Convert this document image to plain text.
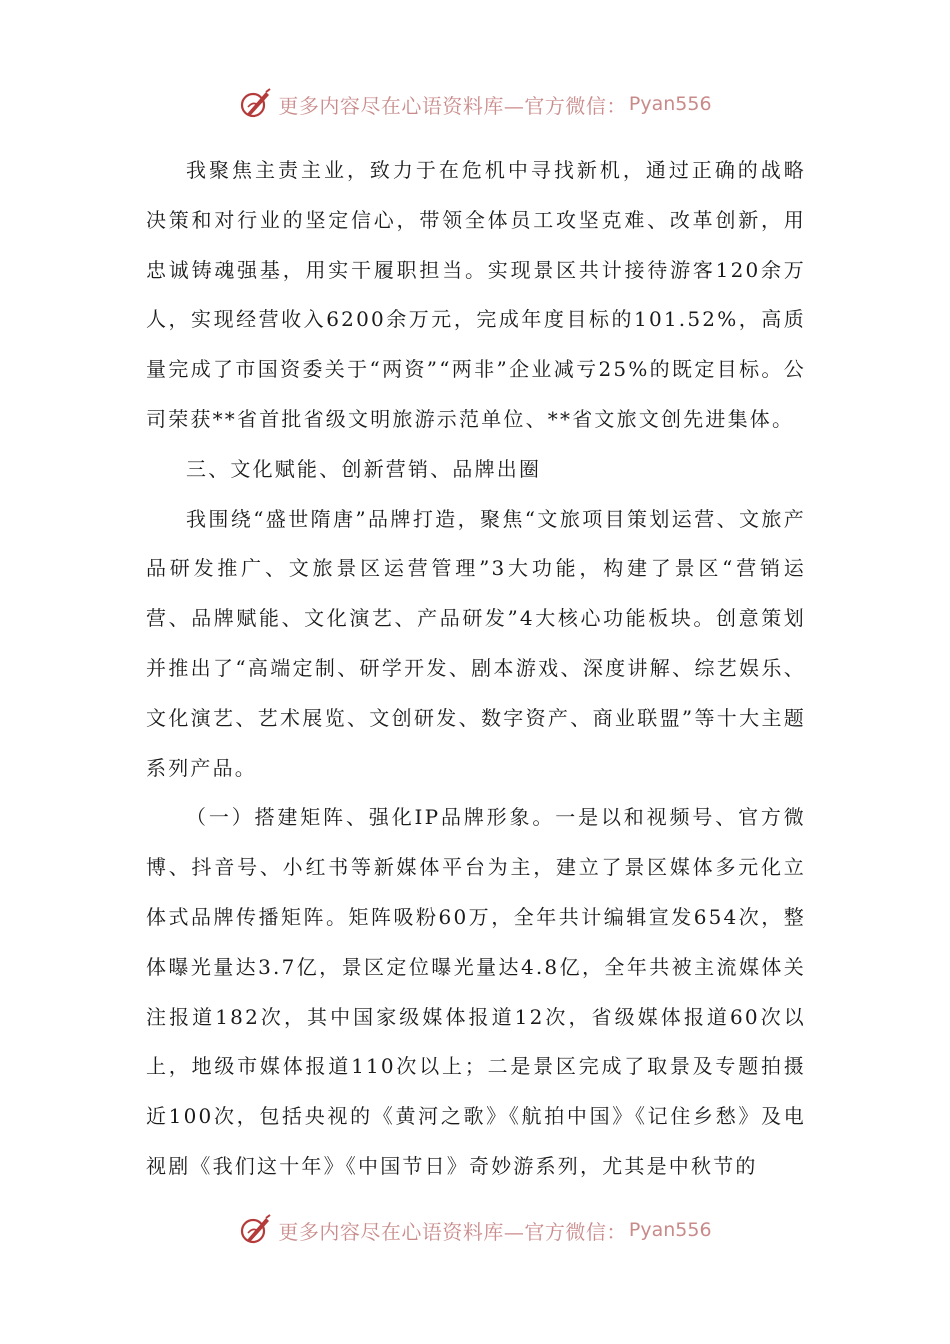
更多内容尽在心语资料库—官方微信： Pyan556

我聚焦主责主业，致力于在危机中寻找新机，通过正确的战略决策和对行业的坚定信心，带领全体员工攻坚克难、改革创新，用忠诚铸魂强基，用实干履职担当。实现景区共计接待游客120余万人，实现经营收入6200余万元，完成年度目标的101.52%，高质量完成了市国资委关于“两资”“两非”企业减亏25%的既定目标。公司荣获**省首批省级文明旅游示范单位、**省文旅文创先进集体。

三、文化赋能、创新营销、品牌出圈

我围绕“盛世隋唐”品牌打造，聚焦“文旅项目策划运营、文旅产品研发推广、文旅景区运营管理”3大功能，构建了景区“营销运营、品牌赋能、文化演艺、产品研发”4大核心功能板块。创意策划并推出了“高端定制、研学开发、剧本游戏、深度讲解、综艺娱乐、文化演艺、艺术展览、文创研发、数字资产、商业联盟”等十大主题系列产品。

（一）搭建矩阵、强化IP品牌形象。一是以和视频号、官方微博、抖音号、小红书等新媒体平台为主，建立了景区媒体多元化立体式品牌传播矩阵。矩阵吸粉60万，全年共计编辑宣发654次，整体曝光量达3.7亿，景区定位曝光量达4.8亿，全年共被主流媒体关注报道182次，其中国家级媒体报道12次，省级媒体报道60次以上，地级市媒体报道110次以上；二是景区完成了取景及专题拍摄近100次，包括央视的《黄河之歌》《航拍中国》《记住乡愁》及电视剧《我们这十年》《中国节日》奇妙游系列，尤其是中秋节的

更多内容尽在心语资料库—官方微信： Pyan556
